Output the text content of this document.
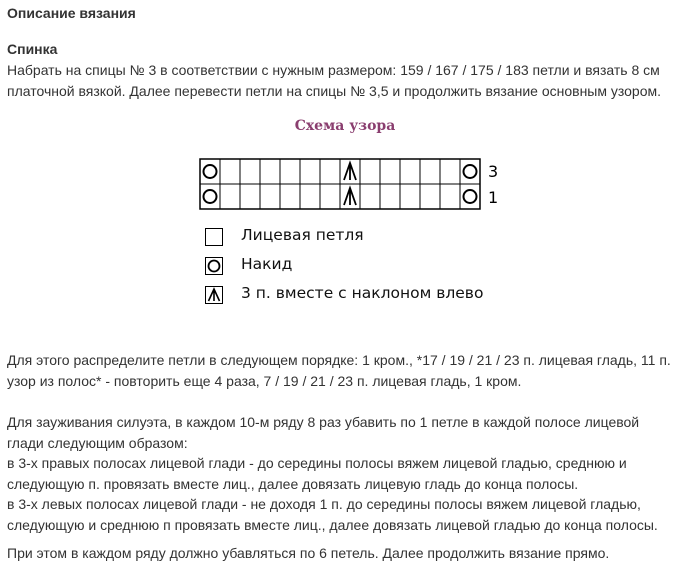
Описание вязания
Спинка
Набрать на спицы № 3 в соответствии с нужным размером: 159 / 167 / 175 / 183 петли и вязать 8 см
платочной вязкой. Далее перевести петли на спицы № 3,5 и продолжить вязание основным узором.
Схема узора
3
1
Лицевая петля
Накид
3 п. вместе с наклоном влево
Для этого распределите петли в следующем порядке: 1 кром., *17 / 19 / 21 / 23 п. лицевая гладь, 11 п.
узор из полос* - повторить еще 4 раза, 7 / 19 / 21 / 23 п. лицевая гладь, 1 кром.
Для зауживания силуэта, в каждом 10-м ряду 8 раз убавить по 1 петле в каждой полосе лицевой
глади следующим образом:
в 3-х правых полосах лицевой глади - до середины полосы вяжем лицевой гладью, среднюю и
следующую п. провязать вместе лиц., далее довязать лицевую гладь до конца полосы.
в 3-х левых полосах лицевой глади - не доходя 1 п. до середины полосы вяжем лицевой гладью,
следующую и среднюю п провязать вместе лиц., далее довязать лицевой гладью до конца полосы.
При этом в каждом ряду должно убавляться по 6 петель. Далее продолжить вязание прямо.
